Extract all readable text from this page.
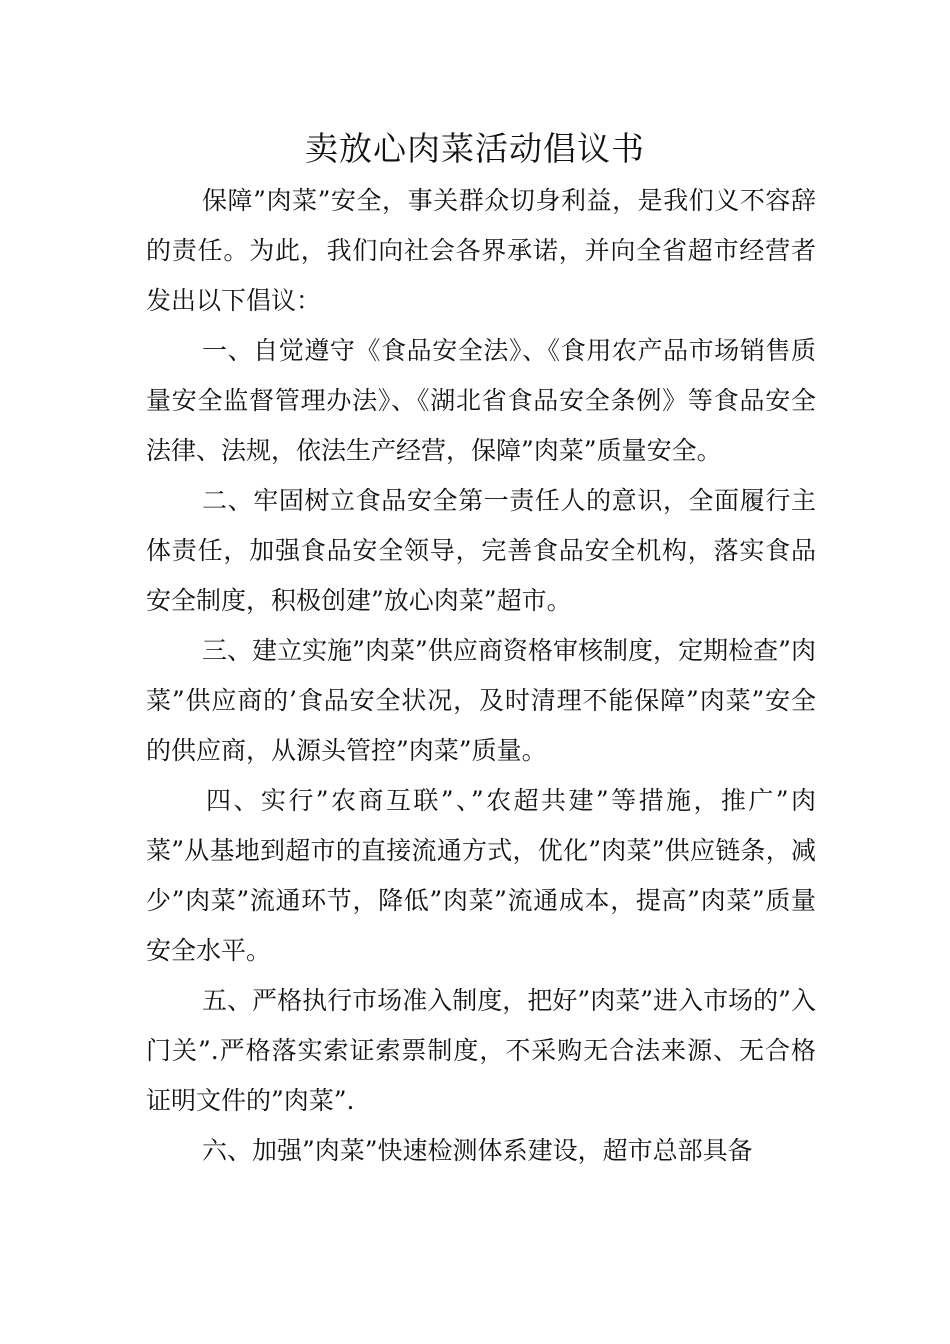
卖放心肉菜活动倡议书

保障”肉菜”安全，事关群众切身利益，是我们义不容辞的责任。为此，我们向社会各界承诺，并向全省超市经营者发出以下倡议：

一、自觉遵守《食品安全法》、《食用农产品市场销售质量安全监督管理办法》、《湖北省食品安全条例》等食品安全法律、法规，依法生产经营，保障”肉菜”质量安全。

二、牢固树立食品安全第一责任人的意识，全面履行主体责任，加强食品安全领导，完善食品安全机构，落实食品安全制度，积极创建”放心肉菜”超市。

三、建立实施”肉菜”供应商资格审核制度，定期检查”肉菜”供应商的’食品安全状况，及时清理不能保障”肉菜”安全的供应商，从源头管控”肉菜”质量。

四、实行”农商互联”、”农超共建”等措施，推广”肉菜”从基地到超市的直接流通方式，优化”肉菜”供应链条，减少”肉菜”流通环节，降低”肉菜”流通成本，提高”肉菜”质量安全水平。

五、严格执行市场准入制度，把好”肉菜”进入市场的”入门关”.严格落实索证索票制度，不采购无合法来源、无合格证明文件的”肉菜”.

六、加强”肉菜”快速检测体系建设，超市总部具备
